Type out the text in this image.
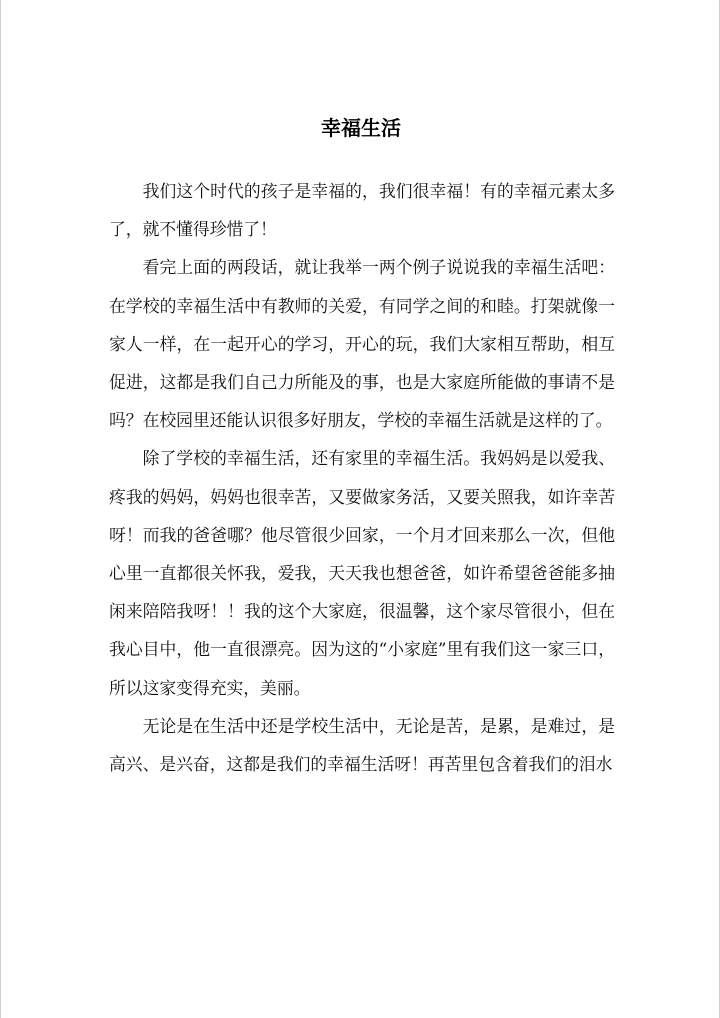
幸福生活

我们这个时代的孩子是幸福的，我们很幸福！有的幸福元素太多了，就不懂得珍惜了！

看完上面的两段话，就让我举一两个例子说说我的幸福生活吧：在学校的幸福生活中有教师的关爱，有同学之间的和睦。打架就像一家人一样，在一起开心的学习，开心的玩，我们大家相互帮助，相互促进，这都是我们自己力所能及的事，也是大家庭所能做的事请不是吗？在校园里还能认识很多好朋友，学校的幸福生活就是这样的了。

除了学校的幸福生活，还有家里的幸福生活。我妈妈是以爱我、疼我的妈妈，妈妈也很幸苦，又要做家务活，又要关照我，如许幸苦呀！而我的爸爸哪？他尽管很少回家，一个月才回来那么一次，但他心里一直都很关怀我，爱我，天天我也想爸爸，如许希望爸爸能多抽闲来陪陪我呀！！我的这个大家庭，很温馨，这个家尽管很小，但在我心目中，他一直很漂亮。因为这的“小家庭”里有我们这一家三口，所以这家变得充实，美丽。

无论是在生活中还是学校生活中，无论是苦，是累，是难过，是高兴、是兴奋，这都是我们的幸福生活呀！再苦里包含着我们的泪水
